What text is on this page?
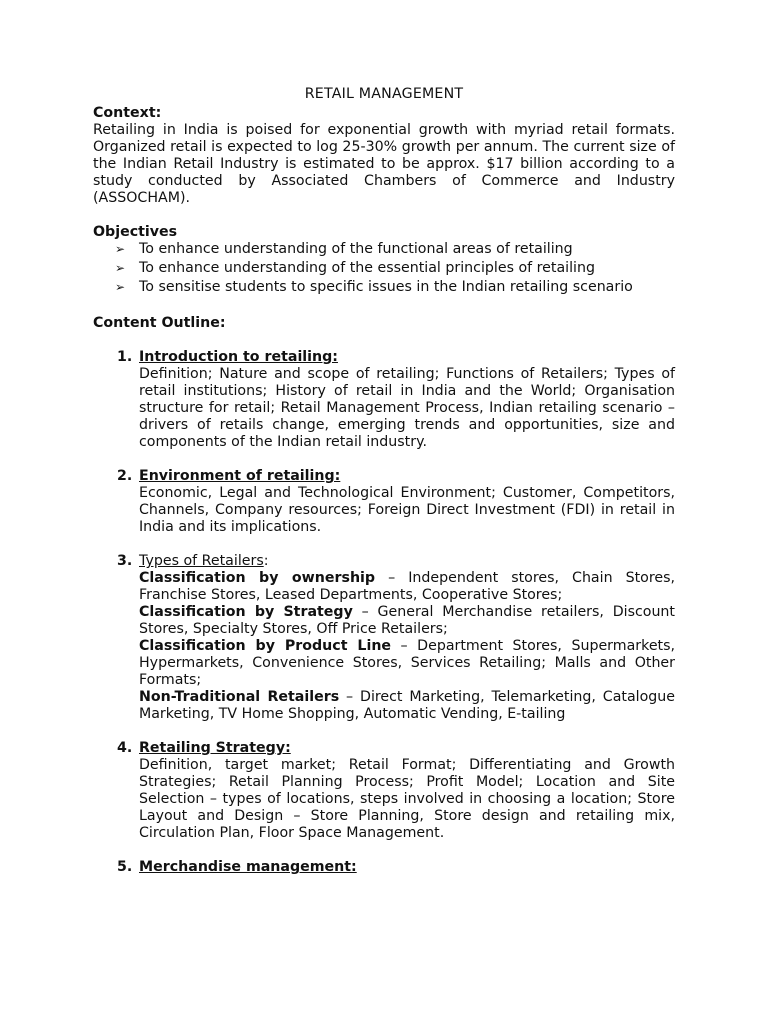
RETAIL MANAGEMENT

Context:

Retailing in India is poised for exponential growth with myriad retail formats. Organized retail is expected to log 25-30% growth per annum. The current size of the Indian Retail Industry is estimated to be approx. $17 billion according to a study conducted by Associated Chambers of Commerce and Industry (ASSOCHAM).

Objectives

➢ To enhance understanding of the functional areas of retailing
➢ To enhance understanding of the essential principles of retailing
➢ To sensitise students to specific issues in the Indian retailing scenario

Content Outline:

1. Introduction to retailing:

Definition; Nature and scope of retailing; Functions of Retailers; Types of retail institutions; History of retail in India and the World; Organisation structure for retail; Retail Management Process, Indian retailing scenario – drivers of retails change, emerging trends and opportunities, size and components of the Indian retail industry.

2. Environment of retailing:

Economic, Legal and Technological Environment; Customer, Competitors, Channels, Company resources; Foreign Direct Investment (FDI) in retail in India and its implications.

3. Types of Retailers:

Classification by ownership – Independent stores, Chain Stores, Franchise Stores, Leased Departments, Cooperative Stores;

Classification by Strategy – General Merchandise retailers, Discount Stores, Specialty Stores, Off Price Retailers;

Classification by Product Line – Department Stores, Supermarkets, Hypermarkets, Convenience Stores, Services Retailing; Malls and Other Formats;

Non-Traditional Retailers – Direct Marketing, Telemarketing, Catalogue Marketing, TV Home Shopping, Automatic Vending, E-tailing

4. Retailing Strategy:

Definition, target market; Retail Format; Differentiating and Growth Strategies; Retail Planning Process; Profit Model; Location and Site Selection – types of locations, steps involved in choosing a location; Store Layout and Design – Store Planning, Store design and retailing mix, Circulation Plan, Floor Space Management.

5. Merchandise management:
